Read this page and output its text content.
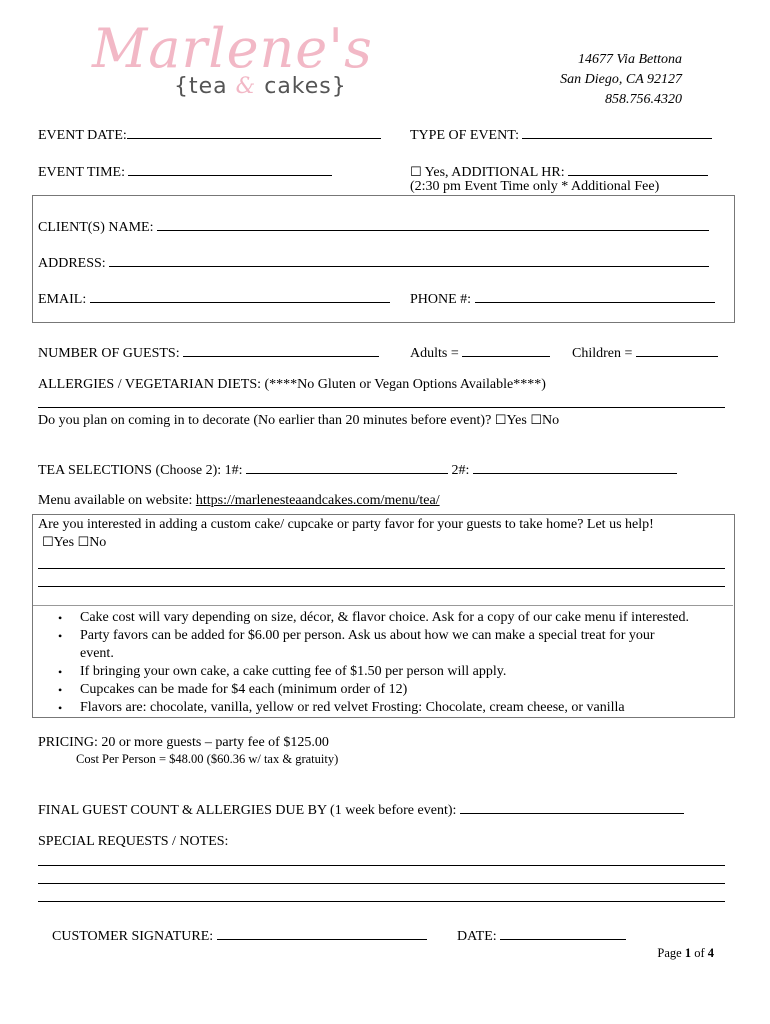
Marlene's
{tea & cakes}
14677 Via Bettona
San Diego, CA 92127
858.756.4320
EVENT DATE:	TYPE OF EVENT:
EVENT TIME:	☐ Yes, ADDITIONAL HR:
(2:30 pm Event Time only * Additional Fee)
CLIENT(S) NAME:
ADDRESS:
EMAIL:	PHONE #:
NUMBER OF GUESTS:	Adults =	Children =
ALLERGIES / VEGETARIAN DIETS: (****No Gluten or Vegan Options Available****)
Do you plan on coming in to decorate (No earlier than 20 minutes before event)? ☐Yes ☐No
TEA SELECTIONS (Choose 2): 1#:	2#:
Menu available on website: https://marlenesteaandcakes.com/menu/tea/
Are you interested in adding a custom cake/ cupcake or party favor for your guests to take home? Let us help!
☐Yes ☐No
• Cake cost will vary depending on size, décor, & flavor choice. Ask for a copy of our cake menu if interested.
• Party favors can be added for $6.00 per person. Ask us about how we can make a special treat for your
event.
• If bringing your own cake, a cake cutting fee of $1.50 per person will apply.
• Cupcakes can be made for $4 each (minimum order of 12)
• Flavors are: chocolate, vanilla, yellow or red velvet Frosting: Chocolate, cream cheese, or vanilla
PRICING: 20 or more guests – party fee of $125.00
Cost Per Person = $48.00 ($60.36 w/ tax & gratuity)
FINAL GUEST COUNT & ALLERGIES DUE BY (1 week before event):
SPECIAL REQUESTS / NOTES:
CUSTOMER SIGNATURE:	DATE:
Page 1 of 4
